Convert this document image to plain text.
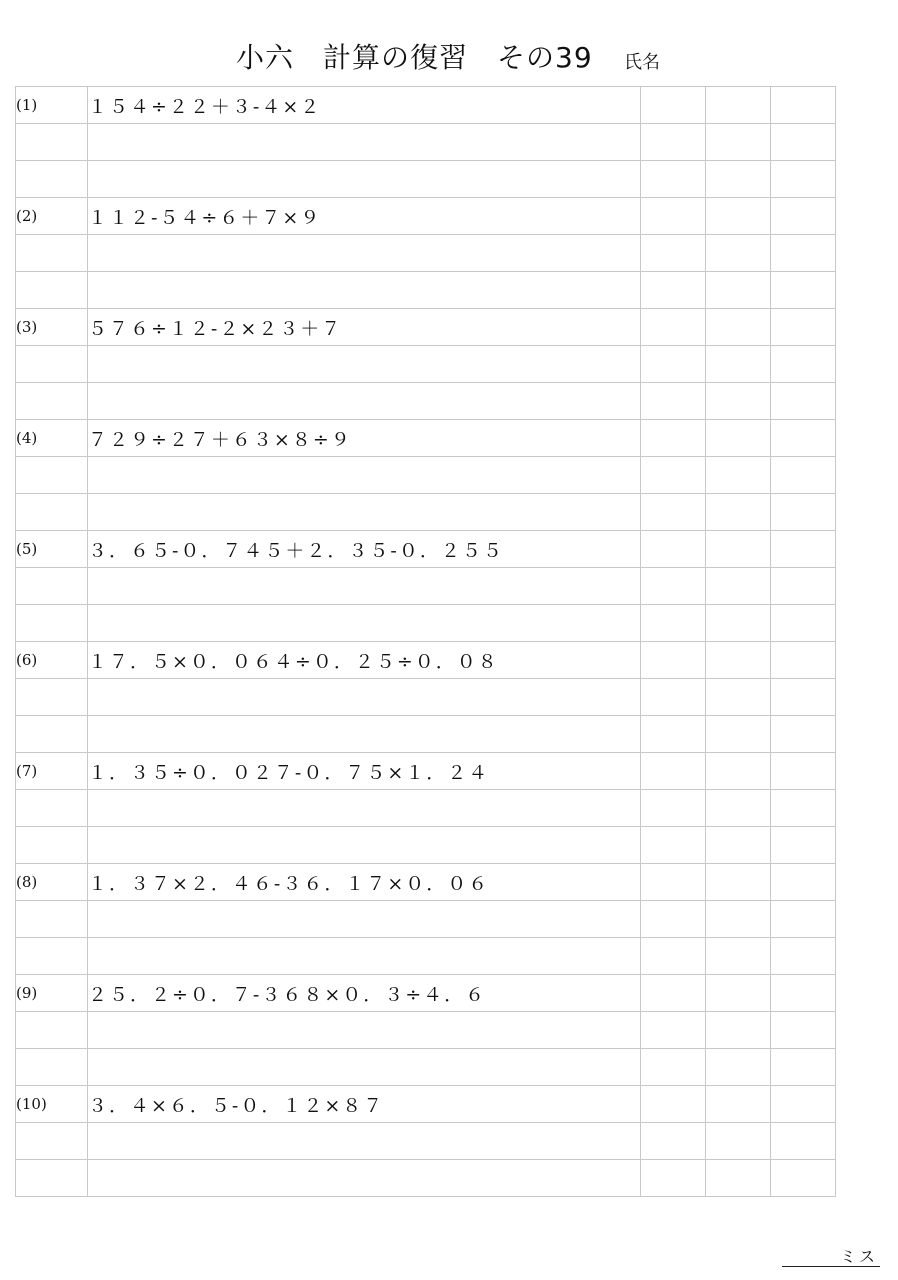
小六　計算の復習　その39 氏名
(1)	１５４÷２２＋３‐４×２			

(2)	１１２‐５４÷６＋７×９			

(3)	５７６÷１２‐２×２３＋７			

(4)	７２９÷２７＋６３×８÷９			

(5)	３．６５‐０．７４５＋２．３５‐０．２５５			

(6)	１７．５×０．０６４÷０．２５÷０．０８			

(7)	１．３５÷０．０２７‐０．７５×１．２４			

(8)	１．３７×２．４６‐３６．１７×０．０６			

(9)	２５．２÷０．７‐３６８×０．３÷４．６			

(10)	３．４×６．５‐０．１２×８７			

ミス
